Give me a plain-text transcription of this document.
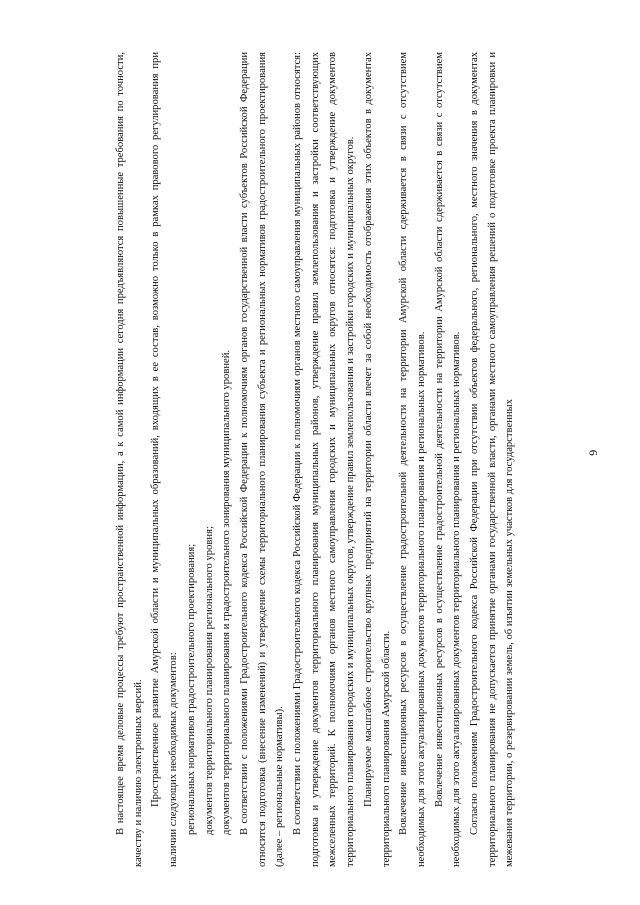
9

В настоящее время деловые процессы требуют пространственной информации, а к самой информации сегодня предъявляются повышенные требования по точности, качеству и наличию электронных версий. Пространственное развитие Амурской области и муниципальных образований, входящих в ее состав, возможно только в рамках правового регулирования при наличии следующих необходимых документов: региональных нормативов градостроительного проектирования; документов территориального планирования регионального уровня; документов территориального планирования и градостроительного зонирования муниципального уровней. В соответствии с положениями Градостроительного кодекса Российской Федерации к полномочиям органов государственной власти субъектов Российской Федерации относится подготовка (внесение изменений) и утверждение схемы территориального планирования субъекта и региональных нормативов градостроительного проектирования (далее – региональные нормативы). В соответствии с положениями Градостроительного кодекса Российской Федерации к полномочиям органов местного самоуправления муниципальных районов относятся: подготовка и утверждение документов территориального планирования муниципальных районов, утверждение правил землепользования и застройки соответствующих межселенных территорий. К полномочиям органов местного самоуправления городских и муниципальных округов относятся: подготовка и утверждение документов территориального планирования городских и муниципальных округов, утверждение правил землепользования и застройки городских и муниципальных округов. Планируемое масштабное строительство крупных предприятий на территории области влечет за собой необходимость отображения этих объектов в документах территориального планирования Амурской области. Вовлечение инвестиционных ресурсов в осуществление градостроительной деятельности на территории Амурской области сдерживается в связи с отсутствием необходимых для этого актуализированных документов территориального планирования и региональных нормативов. Вовлечение инвестиционных ресурсов в осуществление градостроительной деятельности на территории Амурской области сдерживается в связи с отсутствием необходимых для этого актуализированных документов территориального планирования и региональных нормативов. Согласно положениям Градостроительного кодекса Российской Федерации при отсутствии объектов федерального, регионального, местного значения в документах территориального планирования не допускается принятие органами государственной власти, органами местного самоуправления решений о подготовке проекта планировки и межевания территории, о резервировании земель, об изъятии земельных участков для государственных
